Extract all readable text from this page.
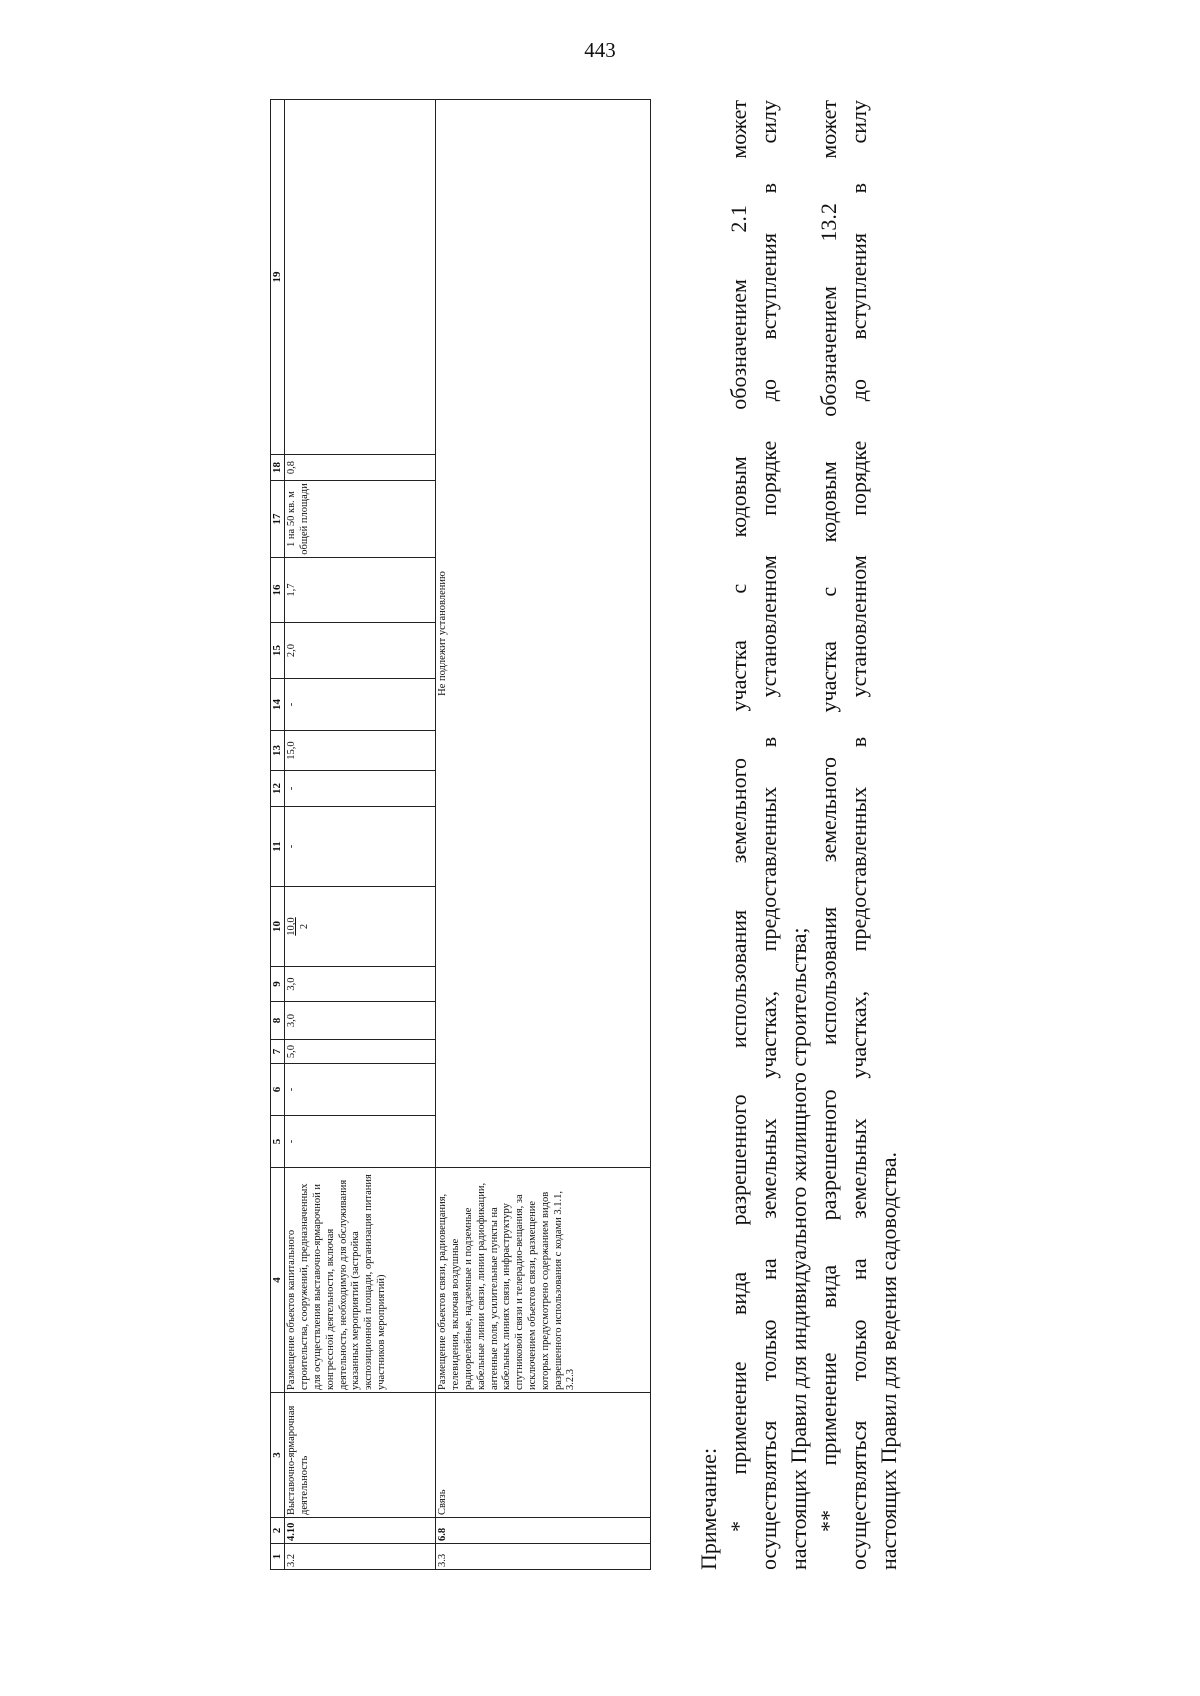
443
1	2	3	4	5	6	7	8	9	10	11	12	13	14	15	16	17	18	19
3.2	4.10	Выставочно-ярмарочная деятельность	Размещение объектов капитального строительства, сооружений, предназначенных для осуществления выставочно-ярмарочной и конгрессной деятельности, включая деятельность, необходимую для обслуживания указанных мероприятий (застройка экспозиционной площади, организация питания участников мероприятий)	-	-	5,0	3,0	3,0	10,0 2	-	-	15,0	-	2,0	1,7	1 на 50 кв. м общей площади	0,8	
3.3	6.8	Связь	Размещение объектов связи, радиовещания, телевидения, включая воздушные радиорелейные, надземные и подземные кабельные линии связи, линии радиофикации, антенные поля, усилительные пункты на кабельных линиях связи, инфраструктуру спутниковой связи и телерадио-вещания, за исключением объектов связи, размещение которых предусмотрено содержанием видов разрешенного использования с кодами 3.1.1, 3.2.3	Не подлежит установлению														

Примечание: * применение вида разрешенного использования земельного участка с кодовым обозначением 2.1 может осуществляться только на земельных участках, предоставленных в установленном порядке до вступления в силу настоящих Правил для индивидуального жилищного строительства; ** применение вида разрешенного использования земельного участка с кодовым обозначением 13.2 может осуществляться только на земельных участках, предоставленных в установленном порядке до вступления в силу настоящих Правил для ведения садоводства.
